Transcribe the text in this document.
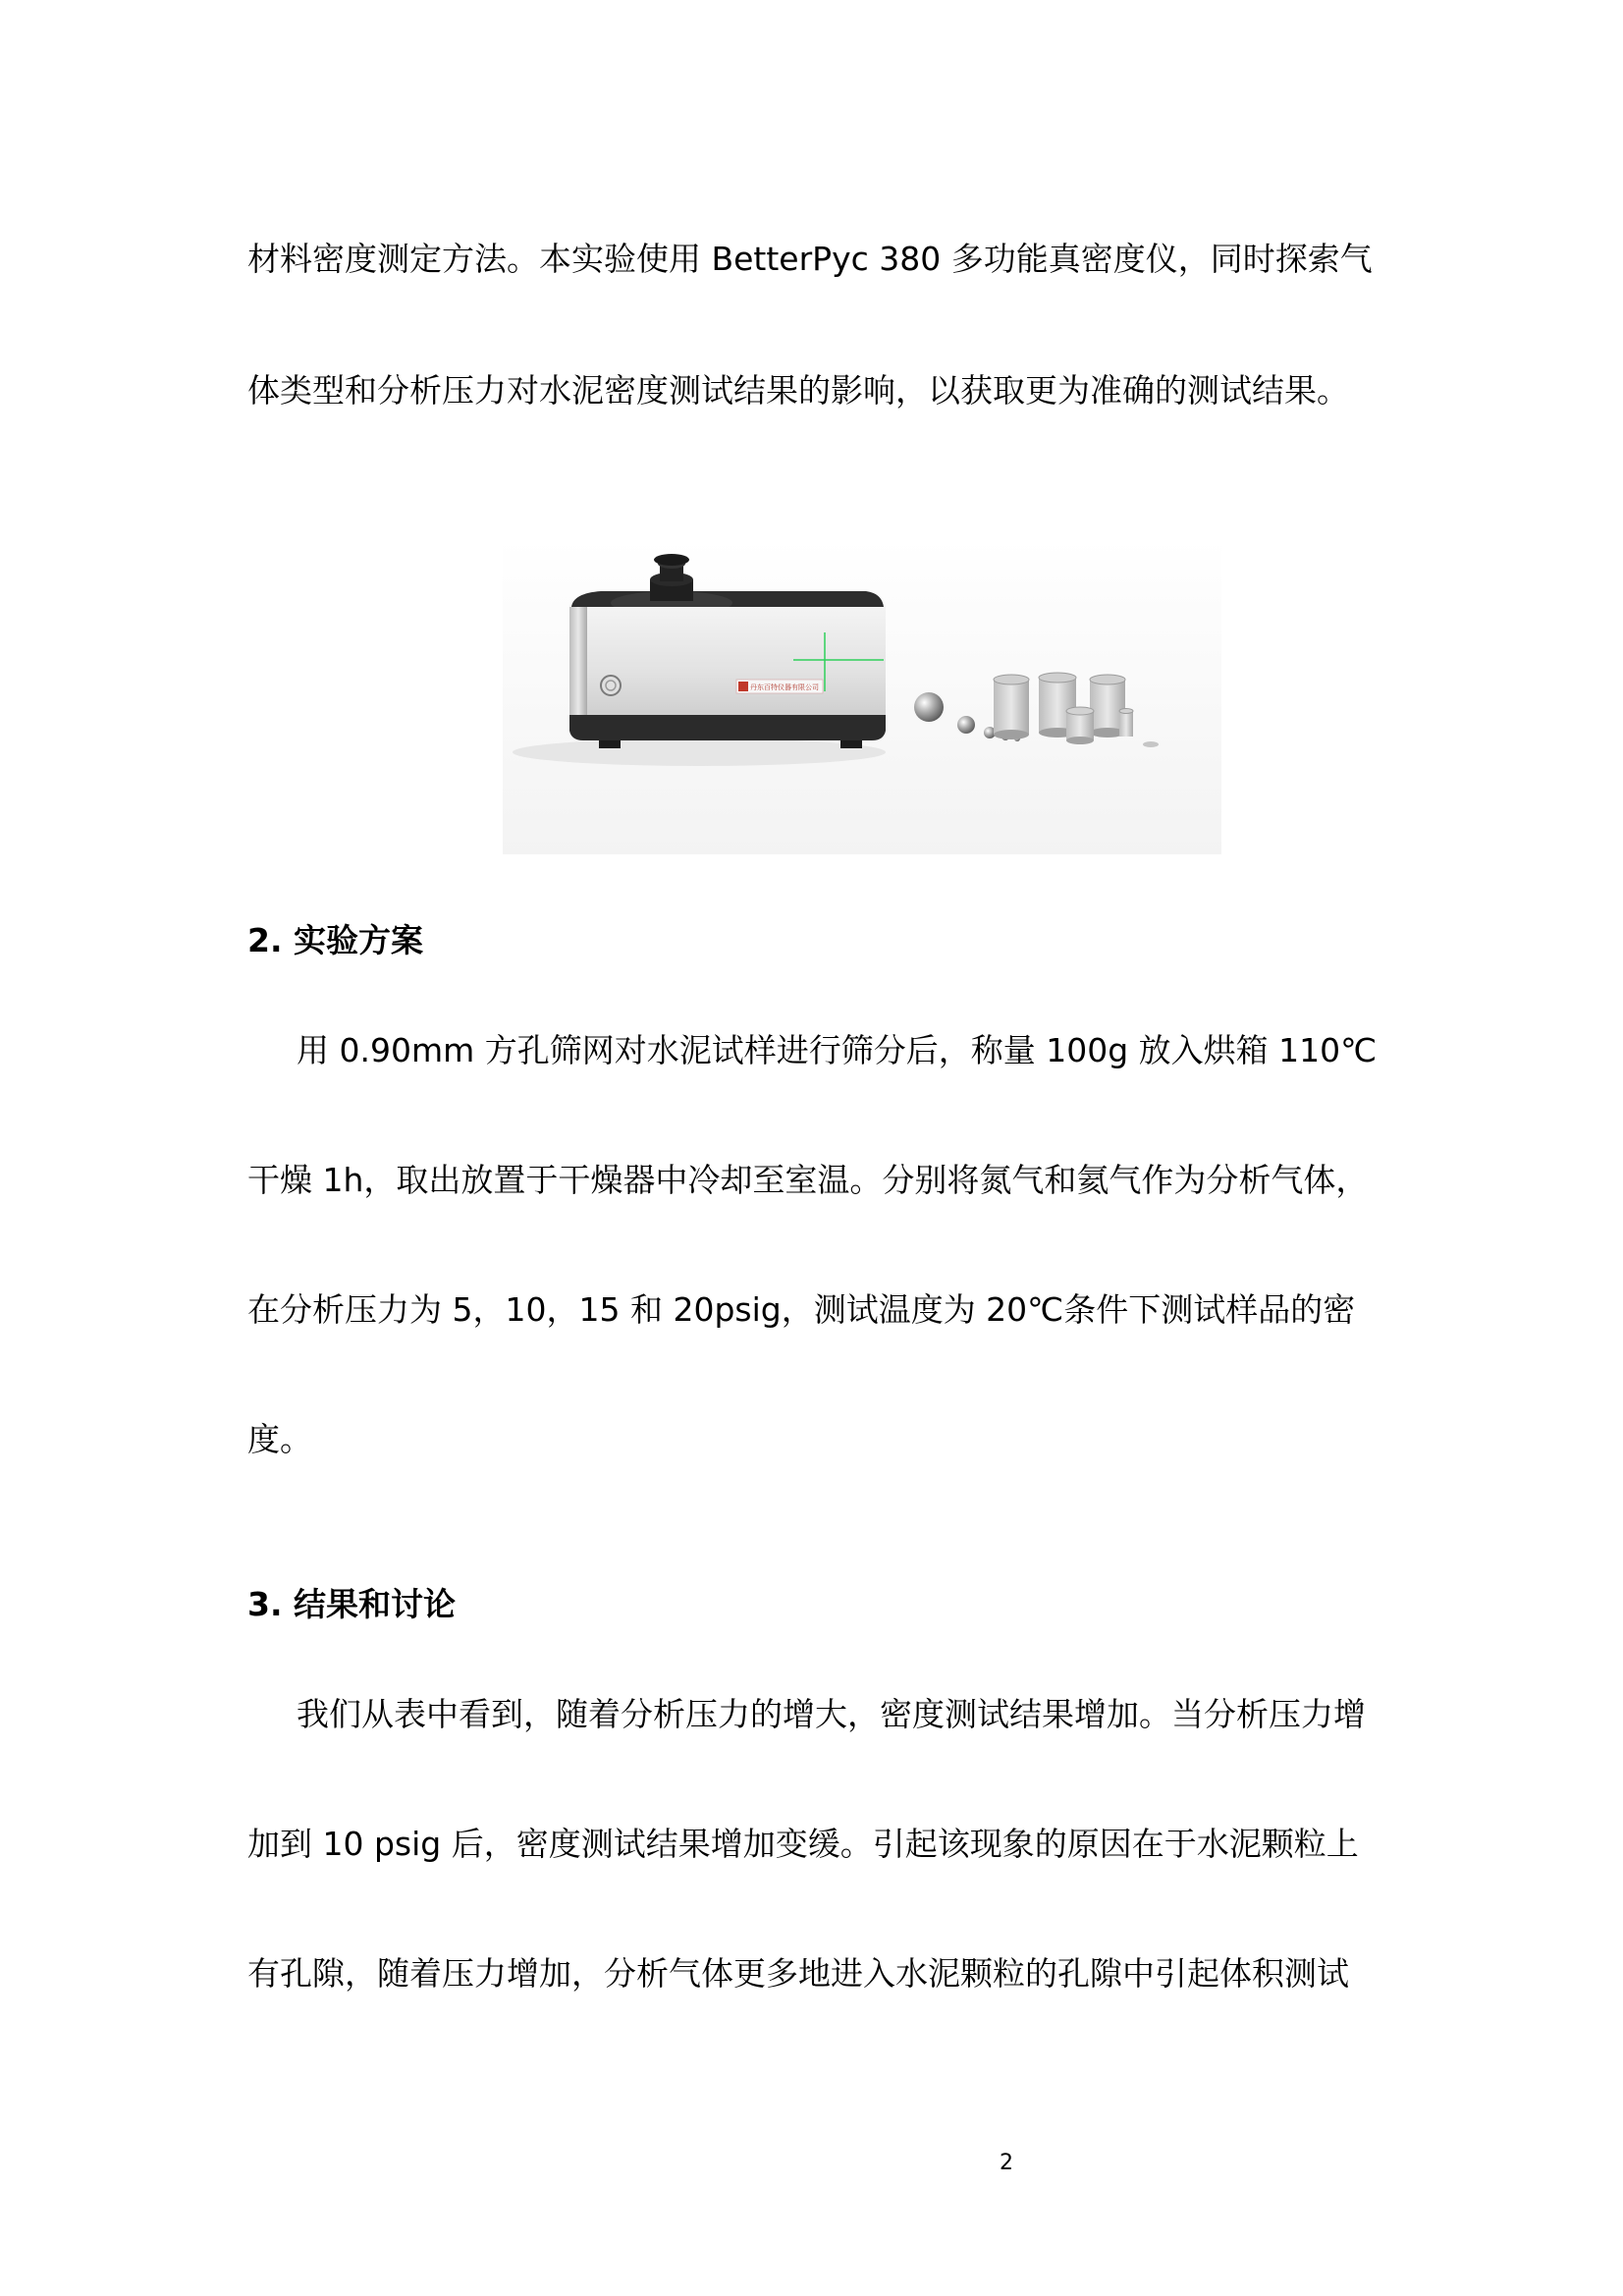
材料密度测定方法。本实验使用 BetterPyc 380 多功能真密度仪，同时探索气
体类型和分析压力对水泥密度测试结果的影响，以获取更为准确的测试结果。
丹东百特仪器有限公司
2. 实验方案
用 0.90mm 方孔筛网对水泥试样进行筛分后，称量 100g 放入烘箱 110℃
干燥 1h，取出放置于干燥器中冷却至室温。分别将氮气和氦气作为分析气体，
在分析压力为 5，10，15 和 20psig，测试温度为 20℃条件下测试样品的密
度。
3. 结果和讨论
我们从表中看到，随着分析压力的增大，密度测试结果增加。当分析压力增
加到 10 psig 后，密度测试结果增加变缓。引起该现象的原因在于水泥颗粒上
有孔隙，随着压力增加，分析气体更多地进入水泥颗粒的孔隙中引起体积测试
2
